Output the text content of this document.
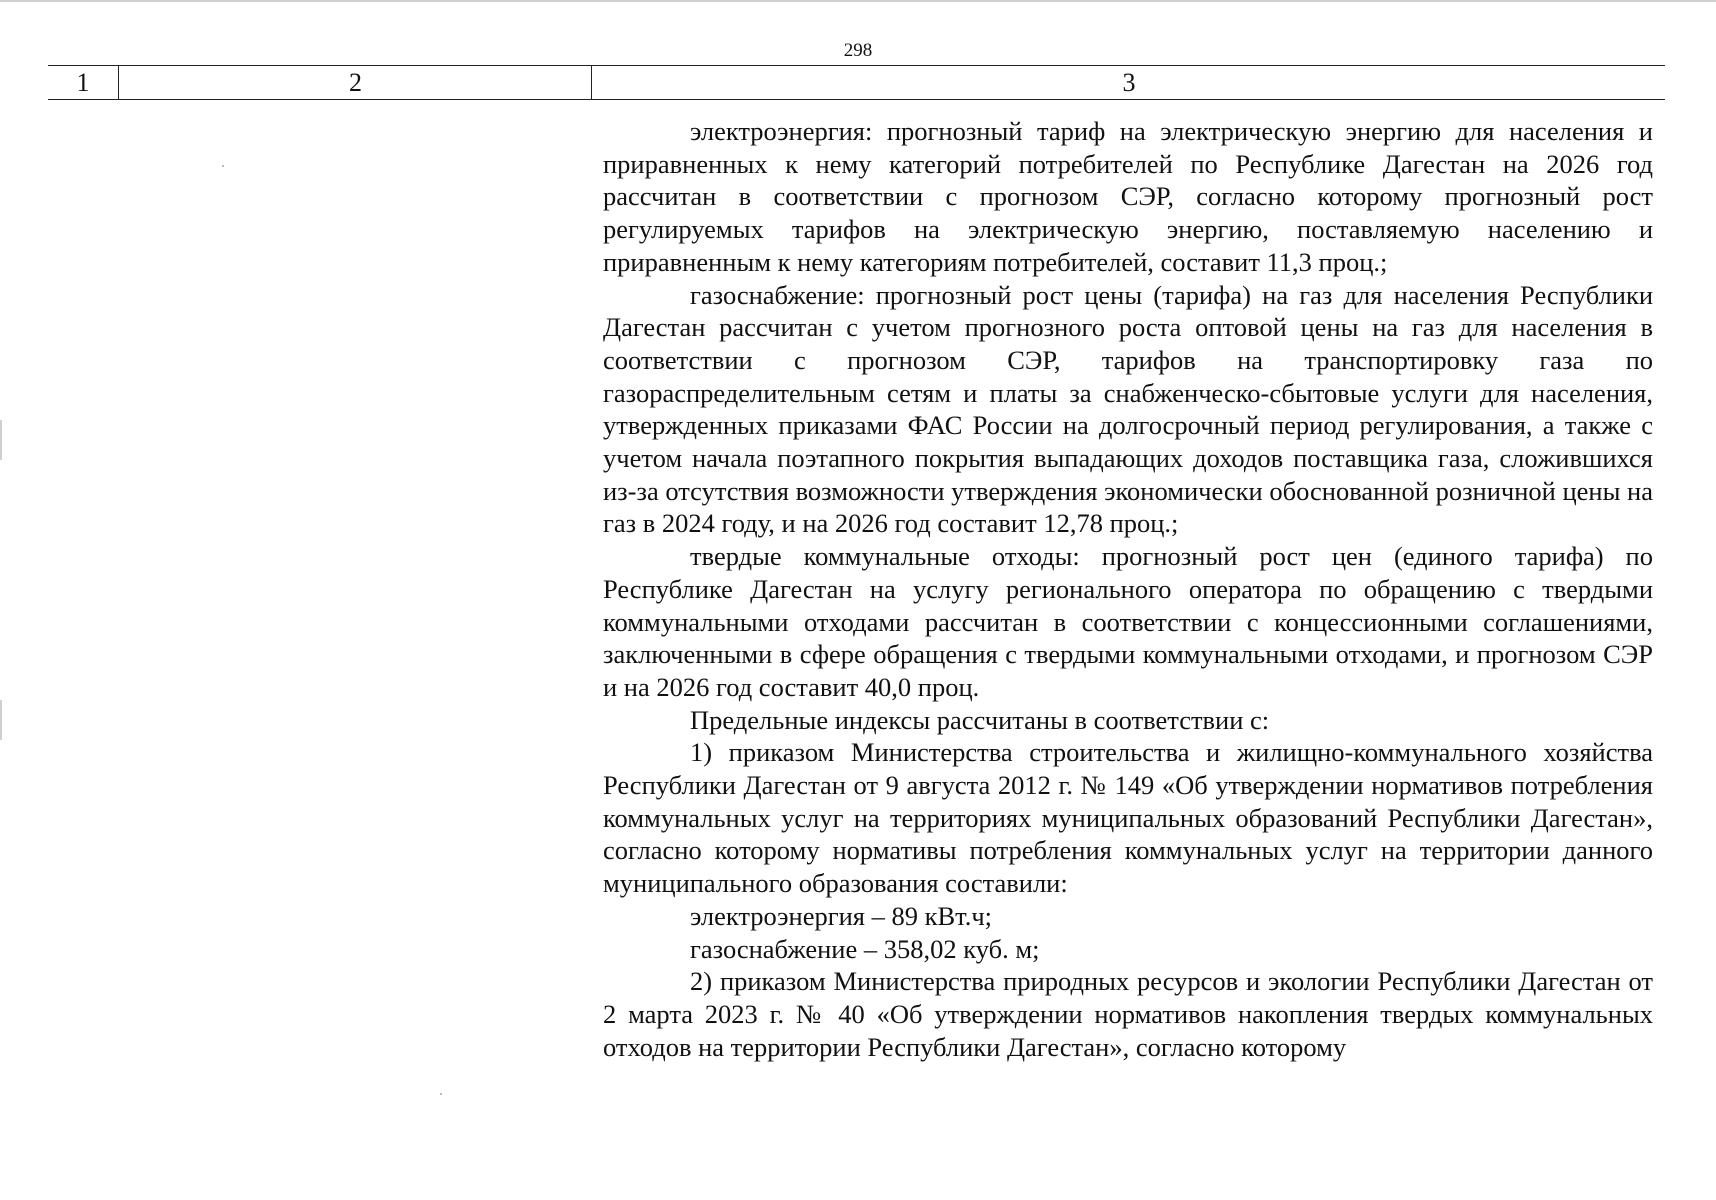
298
1	2	3

электроэнергия: прогнозный тариф на электрическую энергию для населения и приравненных к нему категорий потребителей по Республике Дагестан на 2026 год рассчитан в соответствии с прогнозом СЭР, согласно которому прогнозный рост регулируемых тарифов на электрическую энергию, поставляемую населению и приравненным к нему категориям потребителей, составит 11,3 проц.;

газоснабжение: прогнозный рост цены (тарифа) на газ для населения Республики Дагестан рассчитан с учетом прогнозного роста оптовой цены на газ для населения в соответствии с прогнозом СЭР, тарифов на транспортировку газа по газораспределительным сетям и платы за снабженческо-сбытовые услуги для населения, утвержденных приказами ФАС России на долгосрочный период регулирования, а также с учетом начала поэтапного покрытия выпадающих доходов поставщика газа, сложившихся из-за отсутствия возможности утверждения экономически обоснованной розничной цены на газ в 2024 году, и на 2026 год составит 12,78 проц.;

твердые коммунальные отходы: прогнозный рост цен (единого тарифа) по Республике Дагестан на услугу регионального оператора по обращению с твердыми коммунальными отходами рассчитан в соответствии с концессионными соглашениями, заключенными в сфере обращения с твердыми коммунальными отходами, и прогнозом СЭР и на 2026 год составит 40,0 проц.

Предельные индексы рассчитаны в соответствии с:

1) приказом Министерства строительства и жилищно-коммунального хозяйства Республики Дагестан от 9 августа 2012 г. № 149 «Об утверждении нормативов потребления коммунальных услуг на территориях муниципальных образований Республики Дагестан», согласно которому нормативы потребления коммунальных услуг на территории данного муниципального образования составили:

электроэнергия – 89 кВт.ч;

газоснабжение – 358,02 куб. м;

2) приказом Министерства природных ресурсов и экологии Республики Дагестан от 2 марта 2023 г. № 40 «Об утверждении нормативов накопления твердых коммунальных отходов на территории Республики Дагестан», согласно которому
